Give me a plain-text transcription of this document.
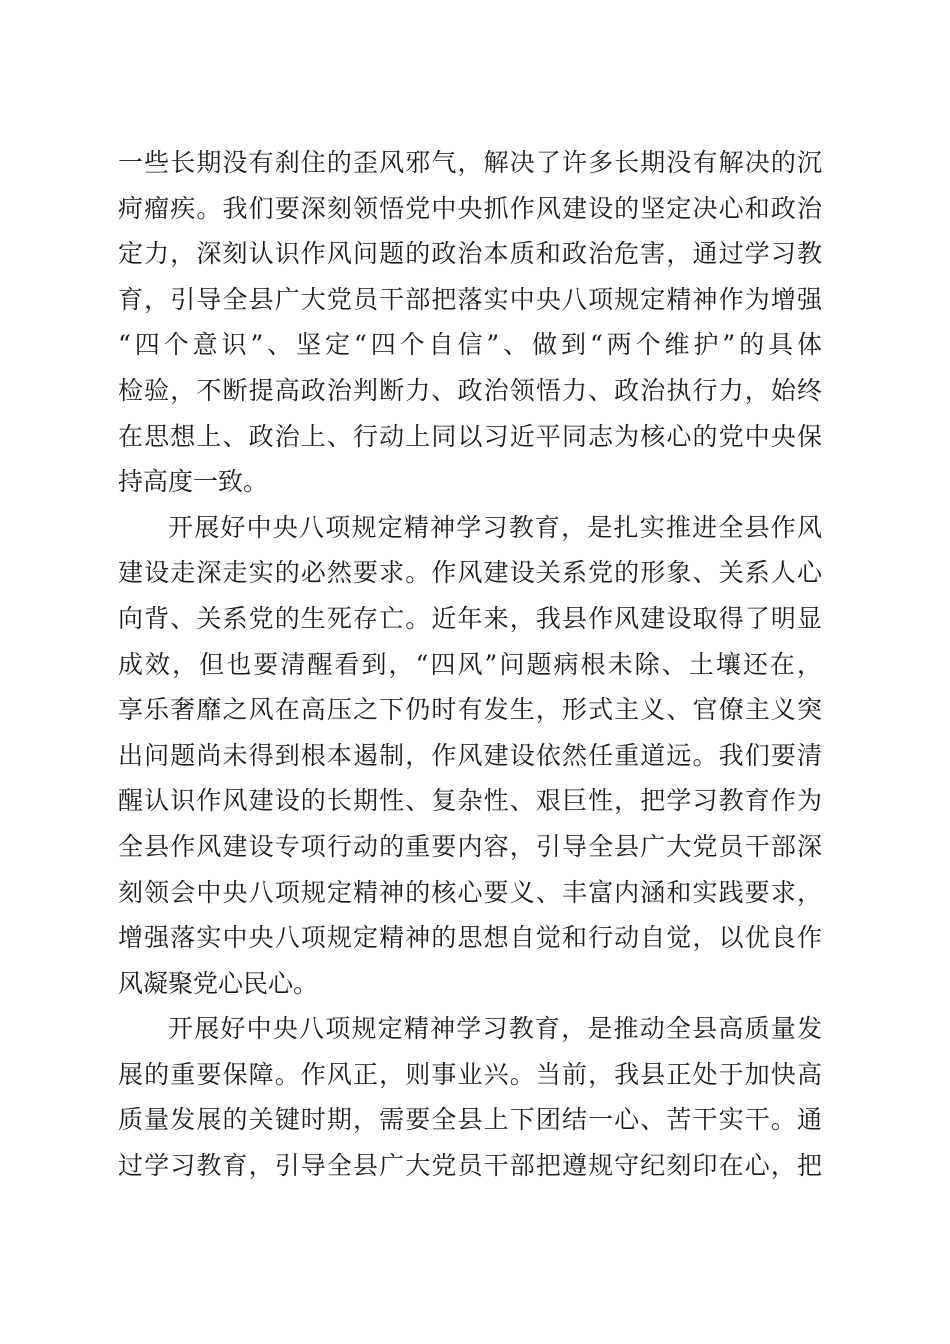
一些长期没有刹住的歪风邪气，解决了许多长期没有解决的沉
疴瘤疾。我们要深刻领悟党中央抓作风建设的坚定决心和政治
定力，深刻认识作风问题的政治本质和政治危害，通过学习教
育，引导全县广大党员干部把落实中央八项规定精神作为增强
“四个意识”、坚定“四个自信”、做到“两个维护”的具体
检验，不断提高政治判断力、政治领悟力、政治执行力，始终
在思想上、政治上、行动上同以习近平同志为核心的党中央保
持高度一致。
开展好中央八项规定精神学习教育，是扎实推进全县作风
建设走深走实的必然要求。作风建设关系党的形象、关系人心
向背、关系党的生死存亡。近年来，我县作风建设取得了明显
成效，但也要清醒看到，“四风”问题病根未除、土壤还在，
享乐奢靡之风在高压之下仍时有发生，形式主义、官僚主义突
出问题尚未得到根本遏制，作风建设依然任重道远。我们要清
醒认识作风建设的长期性、复杂性、艰巨性，把学习教育作为
全县作风建设专项行动的重要内容，引导全县广大党员干部深
刻领会中央八项规定精神的核心要义、丰富内涵和实践要求，
增强落实中央八项规定精神的思想自觉和行动自觉，以优良作
风凝聚党心民心。
开展好中央八项规定精神学习教育，是推动全县高质量发
展的重要保障。作风正，则事业兴。当前，我县正处于加快高
质量发展的关键时期，需要全县上下团结一心、苦干实干。通
过学习教育，引导全县广大党员干部把遵规守纪刻印在心，把
